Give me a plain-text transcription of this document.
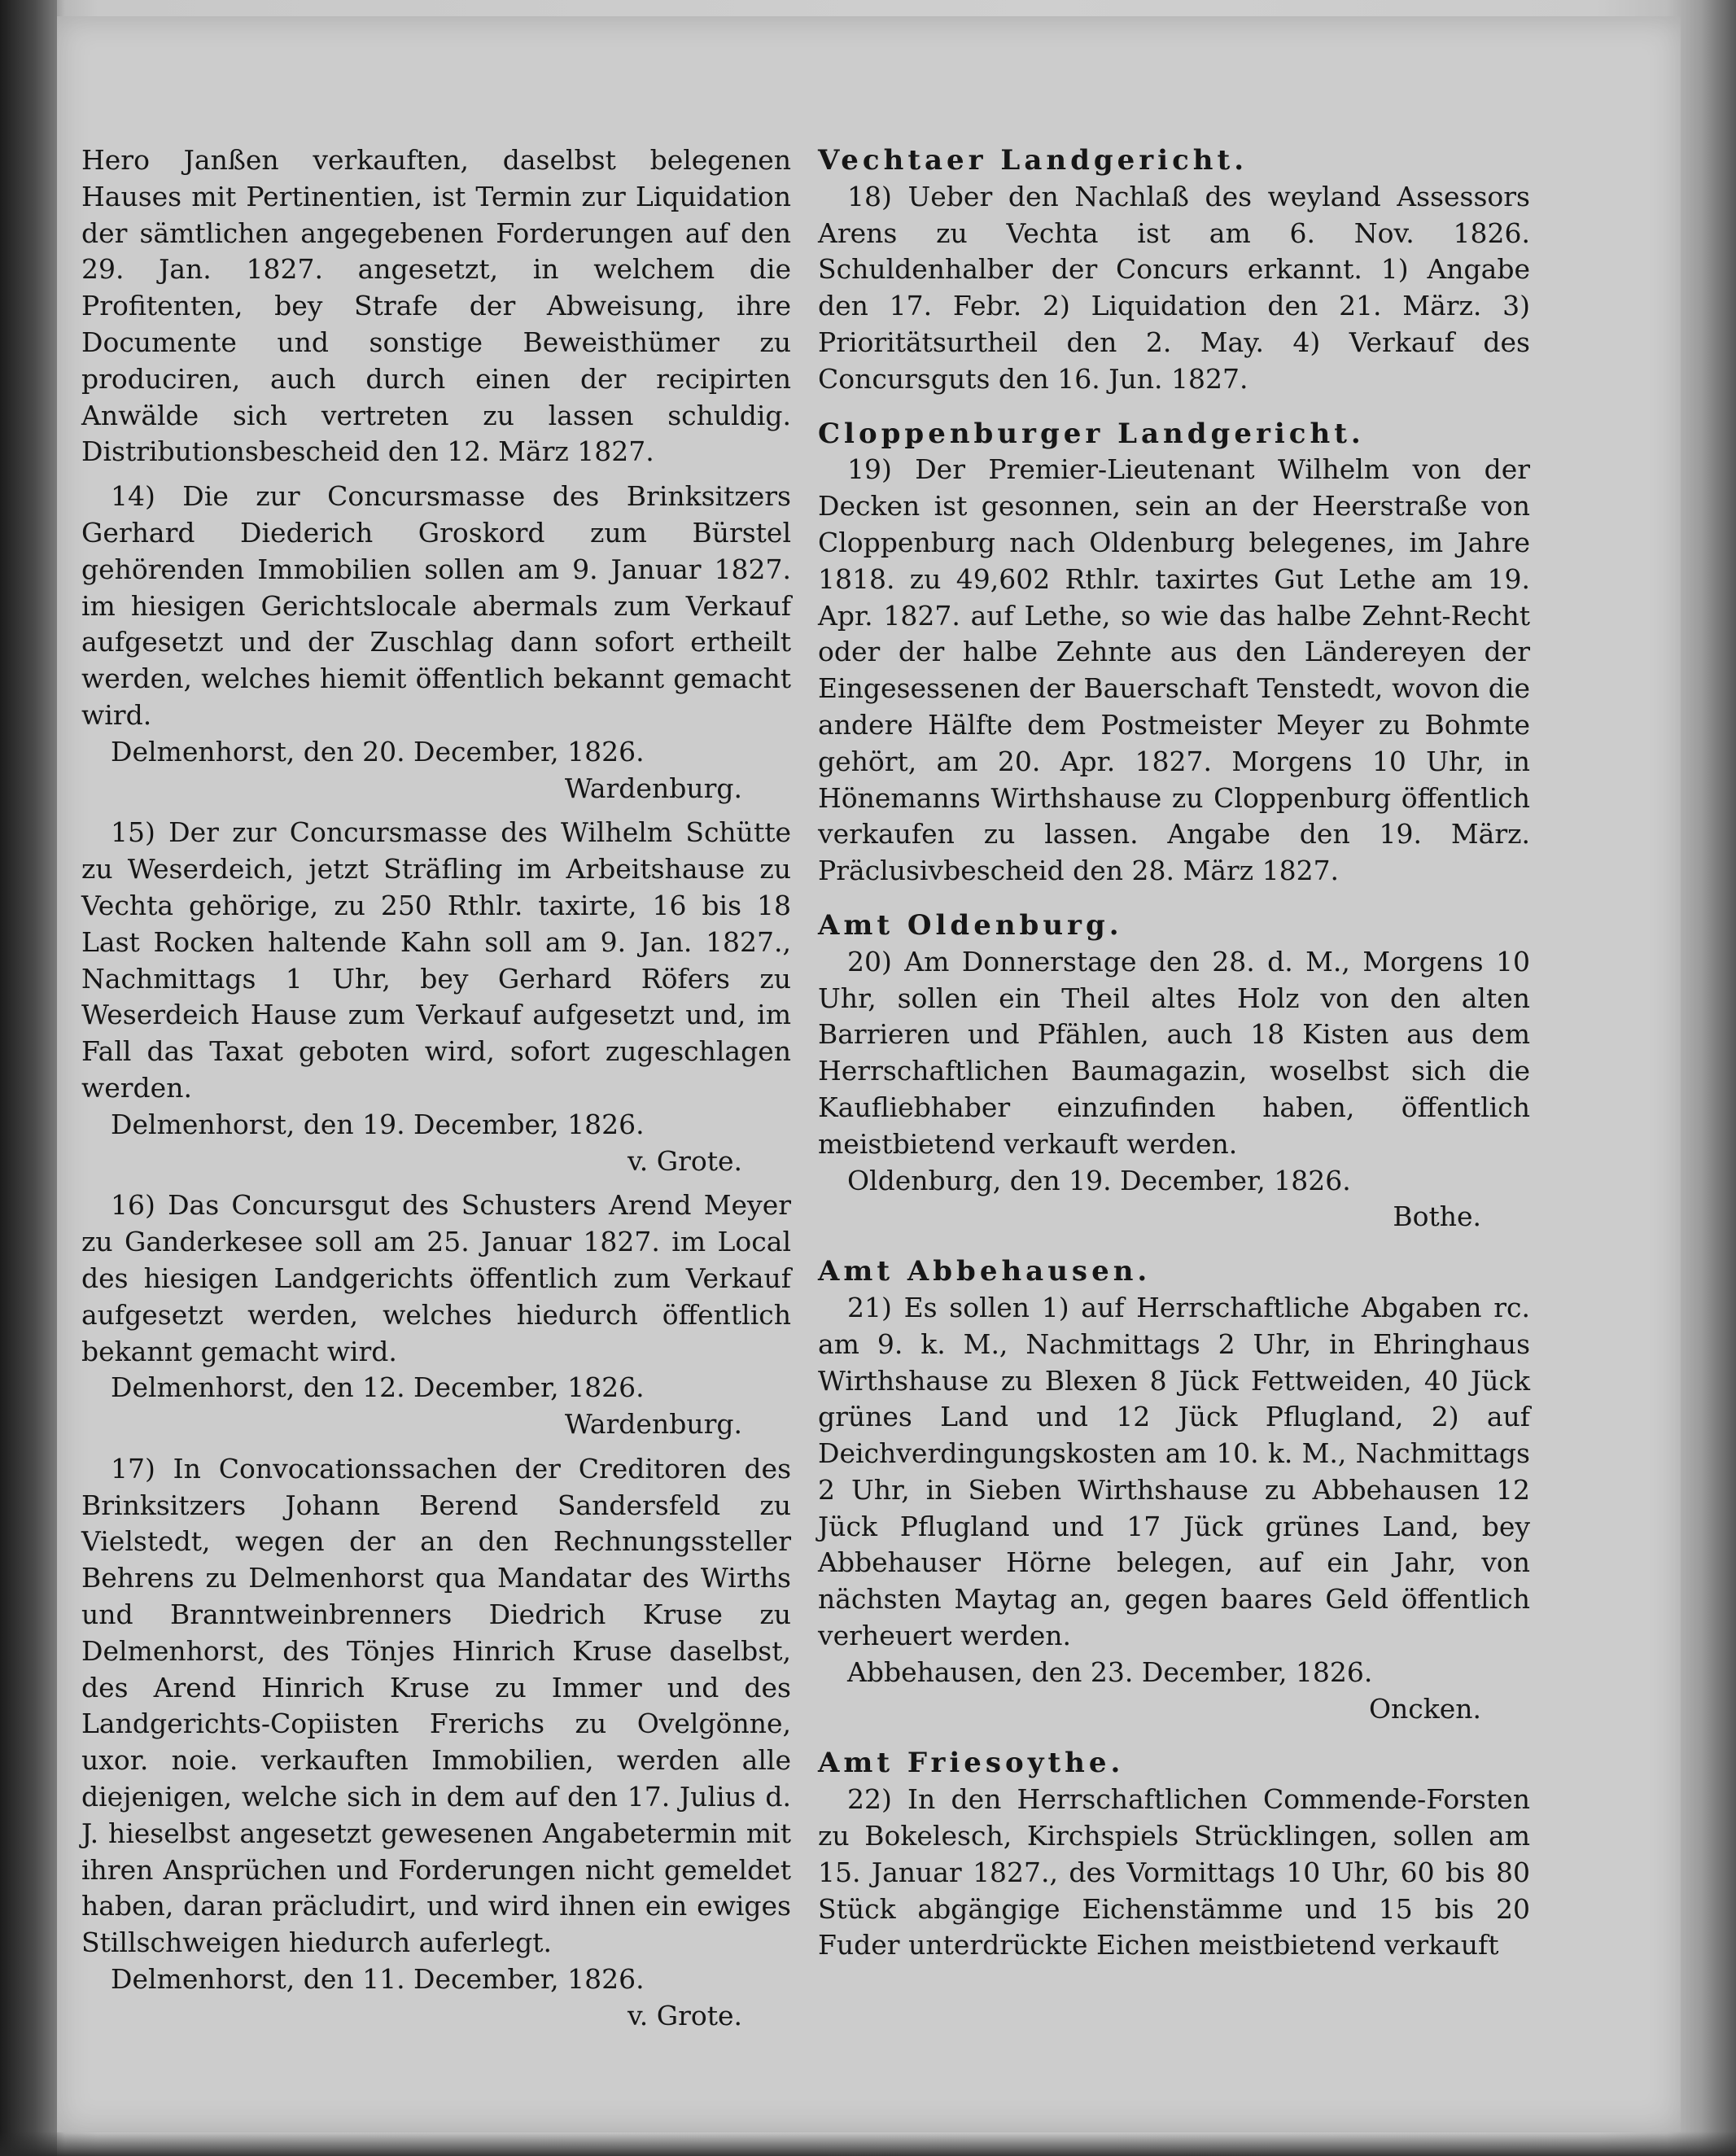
Hero Janßen verkauften, daselbst belegenen Hauses mit Pertinentien, ist Termin zur Liquidation der sämtlichen angegebenen Forderungen auf den 29. Jan. 1827. angesetzt, in welchem die Profitenten, bey Strafe der Abweisung, ihre Documente und sonstige Beweisthümer zu produciren, auch durch einen der recipirten Anwälde sich vertreten zu lassen schuldig. Distributionsbescheid den 12. März 1827.

14) Die zur Concursmasse des Brinksitzers Gerhard Diederich Groskord zum Bürstel gehörenden Immobilien sollen am 9. Januar 1827. im hiesigen Gerichtslocale abermals zum Verkauf aufgesetzt und der Zuschlag dann sofort ertheilt werden, welches hiemit öffentlich bekannt gemacht wird.

Delmenhorst, den 20. December, 1826.

Wardenburg.

15) Der zur Concursmasse des Wilhelm Schütte zu Weserdeich, jetzt Sträfling im Arbeitshause zu Vechta gehörige, zu 250 Rthlr. taxirte, 16 bis 18 Last Rocken haltende Kahn soll am 9. Jan. 1827., Nachmittags 1 Uhr, bey Gerhard Röfers zu Weserdeich Hause zum Verkauf aufgesetzt und, im Fall das Taxat geboten wird, sofort zugeschlagen werden.

Delmenhorst, den 19. December, 1826.

v. Grote.

16) Das Concursgut des Schusters Arend Meyer zu Ganderkesee soll am 25. Januar 1827. im Local des hiesigen Landgerichts öffentlich zum Verkauf aufgesetzt werden, welches hiedurch öffentlich bekannt gemacht wird.

Delmenhorst, den 12. December, 1826.

Wardenburg.

17) In Convocationssachen der Creditoren des Brinksitzers Johann Berend Sandersfeld zu Vielstedt, wegen der an den Rechnungssteller Behrens zu Delmenhorst qua Mandatar des Wirths und Branntweinbrenners Diedrich Kruse zu Delmenhorst, des Tönjes Hinrich Kruse daselbst, des Arend Hinrich Kruse zu Immer und des Landgerichts-Copiisten Frerichs zu Ovelgönne, uxor. noie. verkauften Immobilien, werden alle diejenigen, welche sich in dem auf den 17. Julius d. J. hieselbst angesetzt gewesenen Angabetermin mit ihren Ansprüchen und Forderungen nicht gemeldet haben, daran präcludirt, und wird ihnen ein ewiges Stillschweigen hiedurch auferlegt.

Delmenhorst, den 11. December, 1826.

v. Grote.

Vechtaer Landgericht.

18) Ueber den Nachlaß des weyland Assessors Arens zu Vechta ist am 6. Nov. 1826. Schuldenhalber der Concurs erkannt. 1) Angabe den 17. Febr. 2) Liquidation den 21. März. 3) Prioritätsurtheil den 2. May. 4) Verkauf des Concursguts den 16. Jun. 1827.

Cloppenburger Landgericht.

19) Der Premier-Lieutenant Wilhelm von der Decken ist gesonnen, sein an der Heerstraße von Cloppenburg nach Oldenburg belegenes, im Jahre 1818. zu 49,602 Rthlr. taxirtes Gut Lethe am 19. Apr. 1827. auf Lethe, so wie das halbe Zehnt-Recht oder der halbe Zehnte aus den Ländereyen der Eingesessenen der Bauerschaft Tenstedt, wovon die andere Hälfte dem Postmeister Meyer zu Bohmte gehört, am 20. Apr. 1827. Morgens 10 Uhr, in Hönemanns Wirthshause zu Cloppenburg öffentlich verkaufen zu lassen. Angabe den 19. März. Präclusivbescheid den 28. März 1827.

Amt Oldenburg.

20) Am Donnerstage den 28. d. M., Morgens 10 Uhr, sollen ein Theil altes Holz von den alten Barrieren und Pfählen, auch 18 Kisten aus dem Herrschaftlichen Baumagazin, woselbst sich die Kaufliebhaber einzufinden haben, öffentlich meistbietend verkauft werden.

Oldenburg, den 19. December, 1826.

Bothe.

Amt Abbehausen.

21) Es sollen 1) auf Herrschaftliche Abgaben rc. am 9. k. M., Nachmittags 2 Uhr, in Ehringhaus Wirthshause zu Blexen 8 Jück Fettweiden, 40 Jück grünes Land und 12 Jück Pflugland, 2) auf Deichverdingungskosten am 10. k. M., Nachmittags 2 Uhr, in Sieben Wirthshause zu Abbehausen 12 Jück Pflugland und 17 Jück grünes Land, bey Abbehauser Hörne belegen, auf ein Jahr, von nächsten Maytag an, gegen baares Geld öffentlich verheuert werden.

Abbehausen, den 23. December, 1826.

Oncken.

Amt Friesoythe.

22) In den Herrschaftlichen Commende-Forsten zu Bokelesch, Kirchspiels Strücklingen, sollen am 15. Januar 1827., des Vormittags 10 Uhr, 60 bis 80 Stück abgängige Eichenstämme und 15 bis 20 Fuder unterdrückte Eichen meistbietend verkauft
